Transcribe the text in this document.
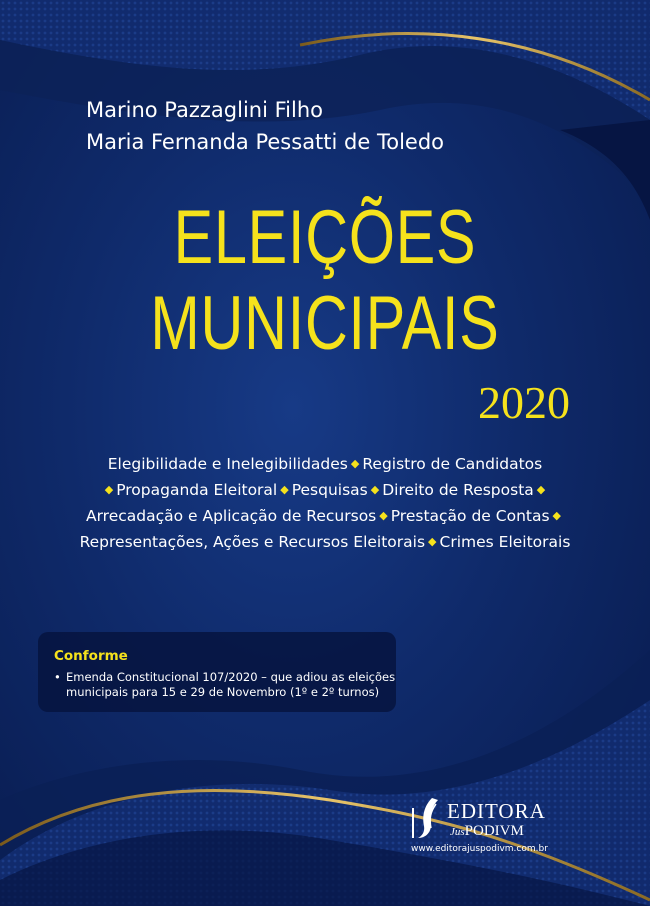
Marino Pazzaglini Filho
Maria Fernanda Pessatti de Toledo
ELEIÇÕES
MUNICIPAIS
2020
Elegibilidade e Inelegibilidades ◆ Registro de Candidatos
◆ Propaganda Eleitoral ◆ Pesquisas ◆ Direito de Resposta ◆
Arrecadação e Aplicação de Recursos ◆ Prestação de Contas ◆
Representações, Ações e Recursos Eleitorais ◆ Crimes Eleitorais
Conforme
• Emenda Constitucional 107/2020 – que adiou as eleições municipais para 15 e 29 de Novembro (1º e 2º turnos)
EDITORA
JusPODIVM
www.editorajuspodivm.com.br
